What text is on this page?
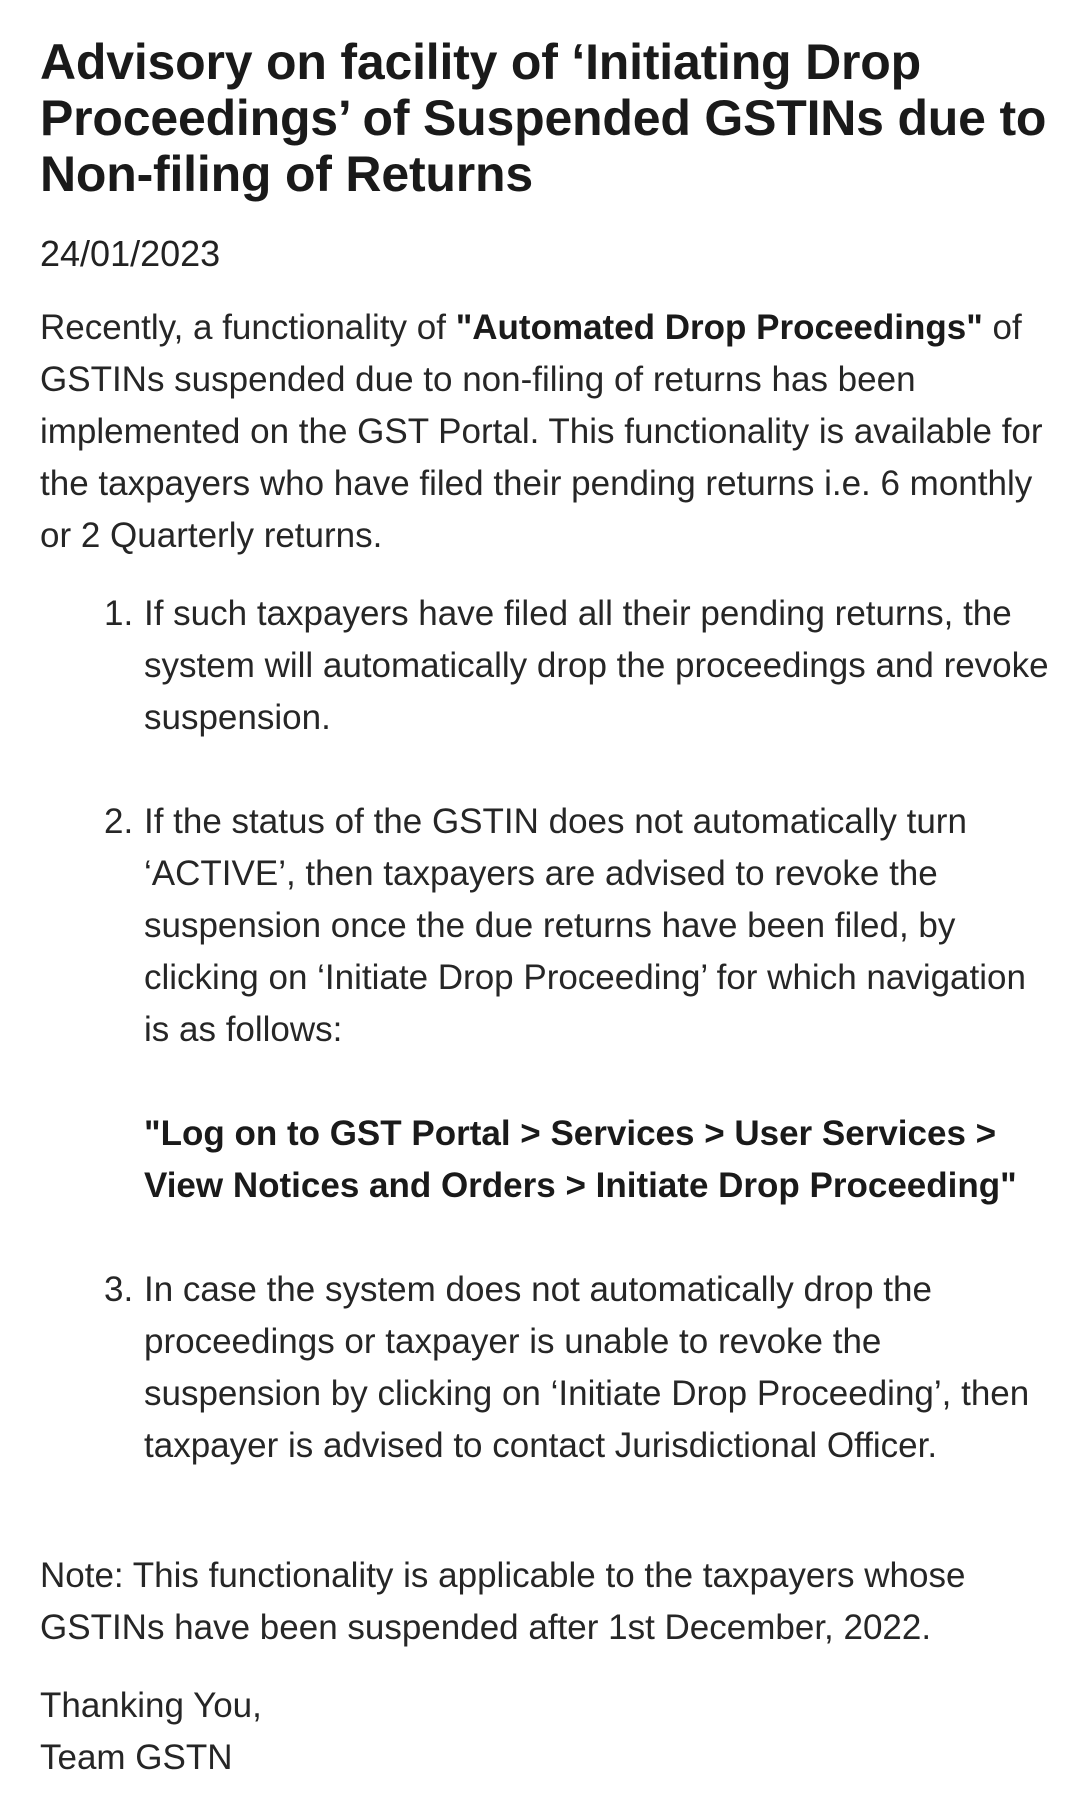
Advisory on facility of ‘Initiating Drop Proceedings’ of Suspended GSTINs due to Non-filing of Returns
24/01/2023
Recently, a functionality of "Automated Drop Proceedings" of GSTINs suspended due to non-filing of returns has been implemented on the GST Portal. This functionality is available for the taxpayers who have filed their pending returns i.e. 6 monthly or 2 Quarterly returns.
1. If such taxpayers have filed all their pending returns, the system will automatically drop the proceedings and revoke suspension.
2. If the status of the GSTIN does not automatically turn ‘ACTIVE’, then taxpayers are advised to revoke the suspension once the due returns have been filed, by clicking on ‘Initiate Drop Proceeding’ for which navigation is as follows:
"Log on to GST Portal > Services > User Services > View Notices and Orders > Initiate Drop Proceeding"
3. In case the system does not automatically drop the proceedings or taxpayer is unable to revoke the suspension by clicking on ‘Initiate Drop Proceeding’, then taxpayer is advised to contact Jurisdictional Officer.
Note: This functionality is applicable to the taxpayers whose GSTINs have been suspended after 1st December, 2022.
Thanking You,
Team GSTN
